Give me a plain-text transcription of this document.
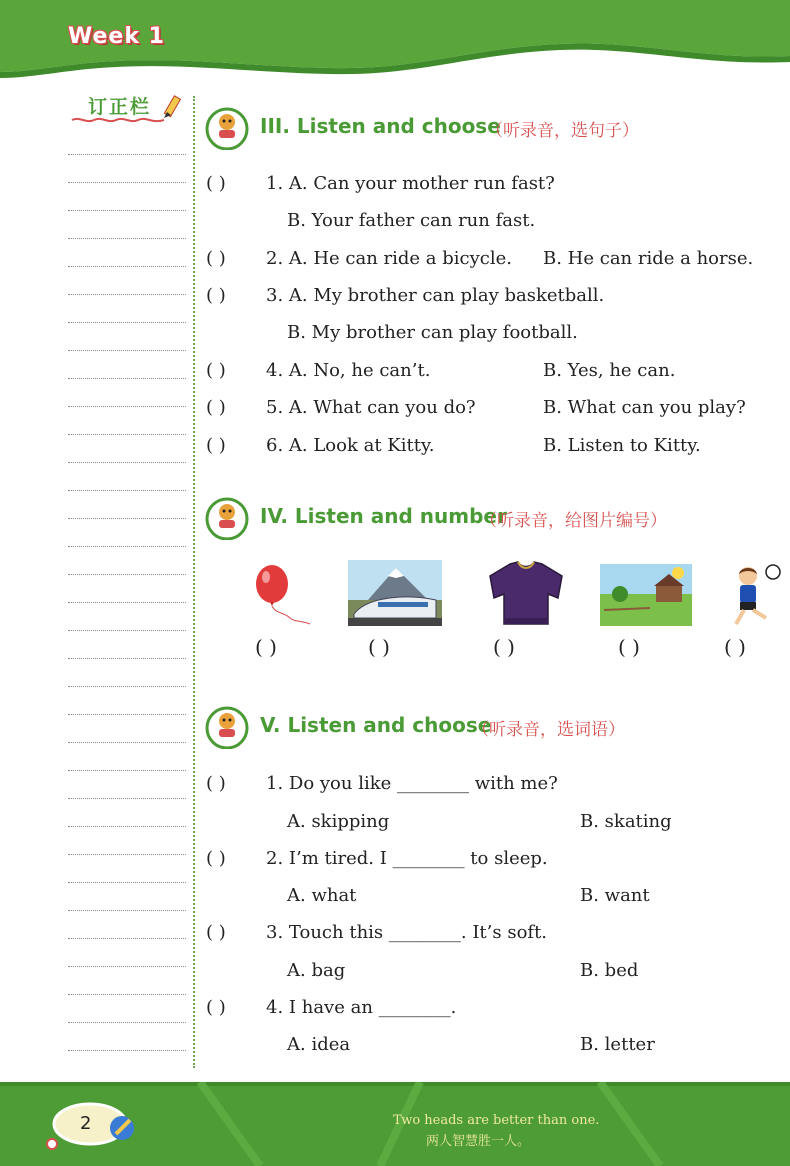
Week 1
订正栏
III. Listen and choose
（听录音，选句子）
( ) 1. A. Can your mother run fast?
B. Your father can run fast.
( ) 2. A. He can ride a bicycle. B. He can ride a horse.
( ) 3. A. My brother can play basketball.
B. My brother can play football.
( ) 4. A. No, he can’t.	B. Yes, he can.
( ) 5. A. What can you do?	B. What can you play?
( ) 6. A. Look at Kitty.	B. Listen to Kitty.
IV. Listen and number
（听录音，给图片编号）
( )	( )	( )	( )	( )
V. Listen and choose
（听录音，选词语）
( ) 1. Do you like ________ with me?
A. skipping	B. skating
( ) 2. I’m tired. I ________ to sleep.
A. what	B. want
( ) 3. Touch this ________. It’s soft.
A. bag	B. bed
( ) 4. I have an ________.
A. idea	B. letter
2	Two heads are better than one.
两人智慧胜一人。
